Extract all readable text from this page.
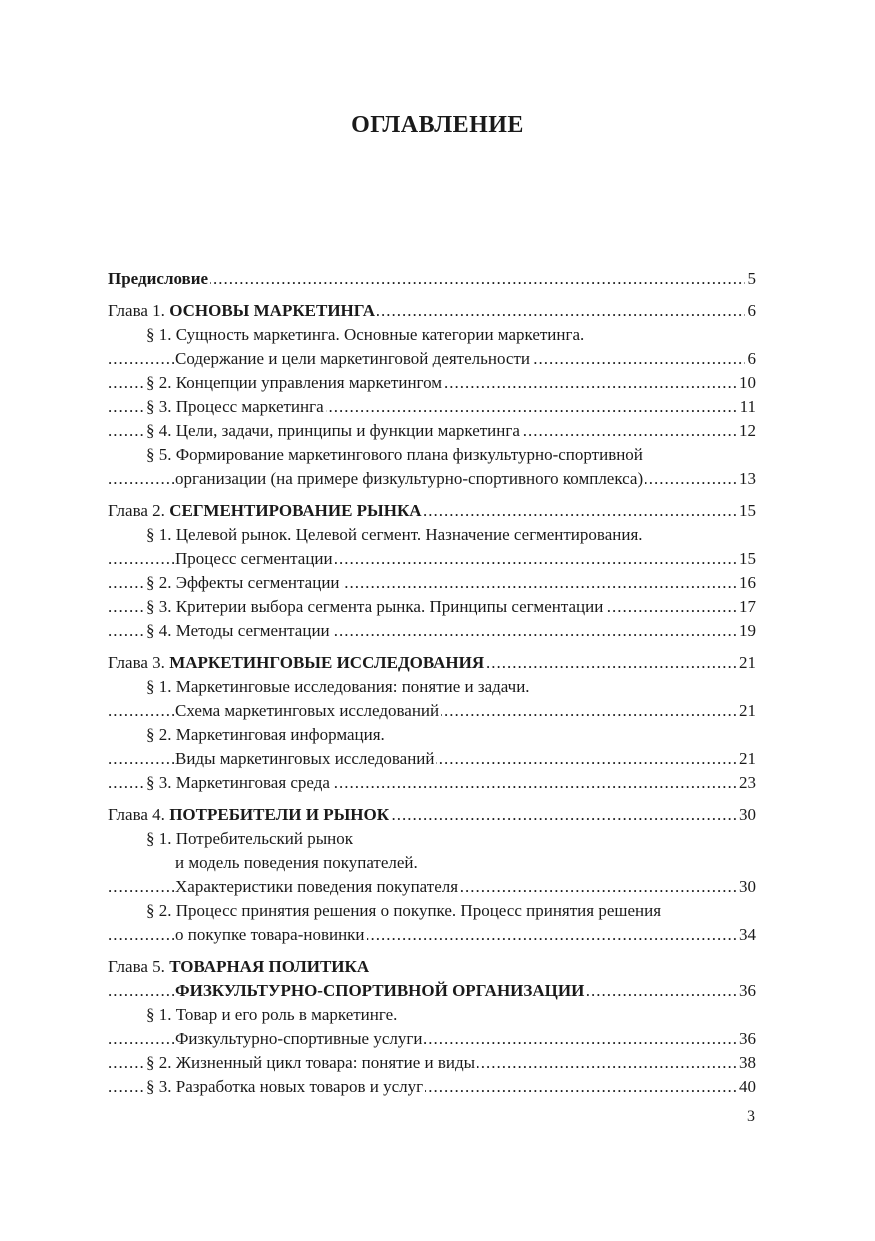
ОГЛАВЛЕНИЕ
Предисловие	5
.....
Глава 1. ОСНОВЫ МАРКЕТИНГА	6
.....
§ 1. Сущность маркетинга. Основные категории маркетинга.
Содержание и цели маркетинговой деятельности	6
.....
§ 2. Концепции управления маркетингом	10
.....
§ 3. Процесс маркетинга	11
.....
§ 4. Цели, задачи, принципы и функции маркетинга	12
.....
§ 5. Формирование маркетингового плана физкультурно-спортивной
организации (на примере физкультурно-спортивного комплекса)	13
.....
Глава 2. СЕГМЕНТИРОВАНИЕ РЫНКА	15
.....
§ 1. Целевой рынок. Целевой сегмент. Назначение сегментирования.
Процесс сегментации	15
.....
§ 2. Эффекты сегментации	16
.....
§ 3. Критерии выбора сегмента рынка. Принципы сегментации	17
.....
§ 4. Методы сегментации	19
.....
Глава 3. МАРКЕТИНГОВЫЕ ИССЛЕДОВАНИЯ	21
.....
§ 1. Маркетинговые исследования: понятие и задачи.
Схема маркетинговых исследований	21
.....
§ 2. Маркетинговая информация.
Виды маркетинговых исследований	21
.....
§ 3. Маркетинговая среда	23
.....
Глава 4. ПОТРЕБИТЕЛИ И РЫНОК	30
.....
§ 1. Потребительский рынок
и модель поведения покупателей.
Характеристики поведения покупателя	30
.....
§ 2. Процесс принятия решения о покупке. Процесс принятия решения
о покупке товара-новинки	34
.....
Глава 5. ТОВАРНАЯ ПОЛИТИКА
ФИЗКУЛЬТУРНО-СПОРТИВНОЙ ОРГАНИЗАЦИИ	36
.....
§ 1. Товар и его роль в маркетинге.
Физкультурно-спортивные услуги	36
.....
§ 2. Жизненный цикл товара: понятие и виды	38
.....
§ 3. Разработка новых товаров и услуг	40
.....
3
